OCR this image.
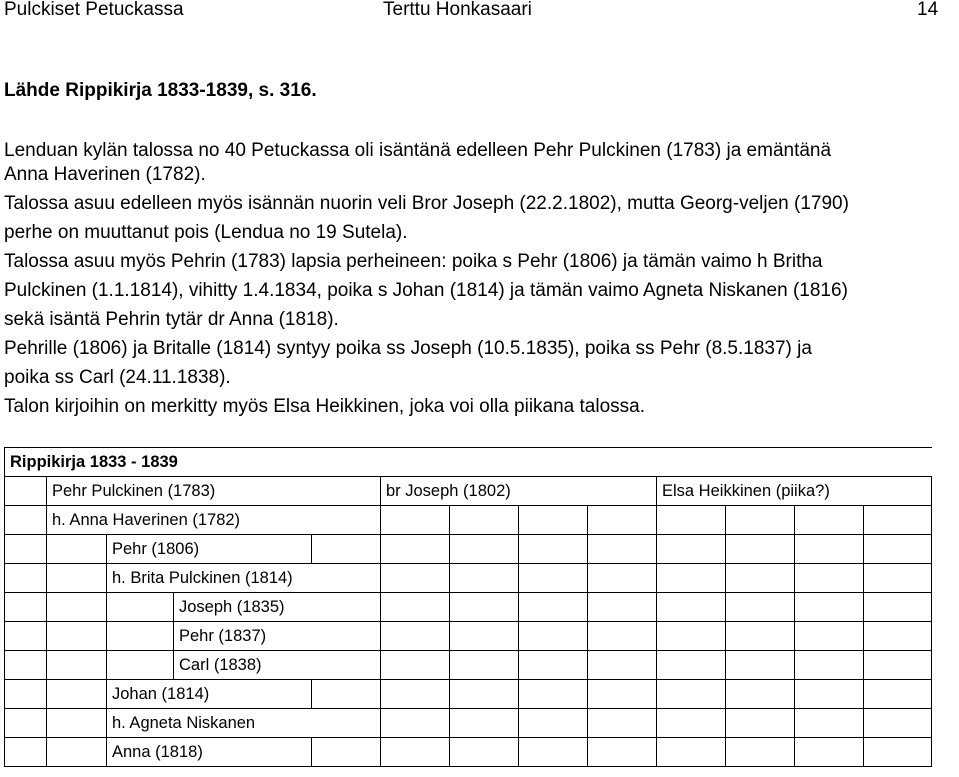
Pulckiset Petuckassa	Terttu Honkasaari	14
Lähde Rippikirja 1833-1839, s. 316.
Lenduan kylän talossa no 40 Petuckassa oli isäntänä edelleen Pehr Pulckinen (1783) ja emäntänä
Anna Haverinen (1782).
Talossa asuu edelleen myös isännän nuorin veli Bror Joseph (22.2.1802), mutta Georg-veljen (1790)
perhe on muuttanut pois (Lendua no 19 Sutela).
Talossa asuu myös Pehrin (1783) lapsia perheineen: poika s Pehr (1806) ja tämän vaimo h Britha
Pulckinen (1.1.1814), vihitty 1.4.1834, poika s Johan (1814) ja tämän vaimo Agneta Niskanen (1816)
sekä isäntä Pehrin tytär dr Anna (1818).
Pehrille (1806) ja Britalle (1814) syntyy poika ss Joseph (10.5.1835), poika ss Pehr (8.5.1837) ja
poika ss Carl (24.11.1838).
Talon kirjoihin on merkitty myös Elsa Heikkinen, joka voi olla piikana talossa.
Rippikirja 1833 - 1839												
	Pehr Pulckinen (1783)				br Joseph (1802)				Elsa Heikkinen (piika?)			
	h. Anna Haverinen (1782)											
		Pehr (1806)										
		h. Brita Pulckinen (1814)										
			Joseph (1835)									
			Pehr (1837)									
			Carl (1838)									
		Johan (1814)										
		h. Agneta Niskanen										
		Anna (1818)										
